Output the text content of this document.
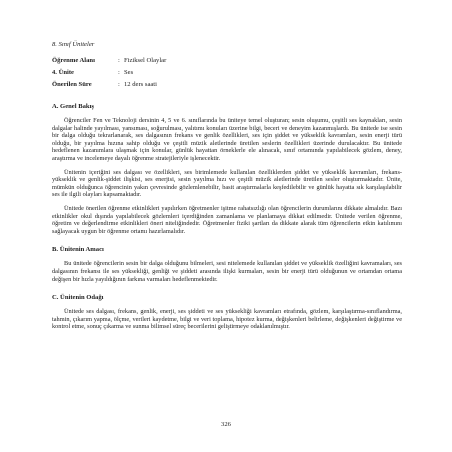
8. Sınıf Üniteler
Öğrenme Alanı	: Fiziksel Olaylar
4. Ünite	: Ses
Önerilen Süre	: 12 ders saati
A. Genel Bakış

Öğrenciler Fen ve Teknoloji dersinin 4, 5 ve 6. sınıflarında bu üniteye temel oluşturan; sesin oluşumu, çeşitli ses kaynakları, sesin dalgalar halinde yayılması, yansıması, soğurulması, yalıtımı konuları üzerine bilgi, beceri ve deneyim kazanmışlardı. Bu ünitede ise sesin bir dalga olduğu tekrarlanarak, ses dalgasının frekans ve genlik özellikleri, ses için şiddet ve yükseklik kavramları, sesin enerji türü olduğu, bir yayılma hızına sahip olduğu ve çeşitli müzik aletlerinde üretilen seslerin özellikleri üzerinde durulacaktır. Bu ünitede hedeflenen kazanımlara ulaşmak için konular, günlük hayattan örneklerle ele alınacak, sınıf ortamında yapılabilecek gözlem, deney, araştırma ve incelemeye dayalı öğrenme stratejileriyle işlenecektir.

Ünitenin içeriğini ses dalgası ve özellikleri, ses birimlemede kullanılan özelliklerden şiddet ve yükseklik kavramları, frekans-yükseklik ve genlik-şiddet ilişkisi, ses enerjisi, sesin yayılma hızı ve çeşitli müzik aletlerinde üretilen sesler oluşturmaktadır. Ünite, mümkün olduğunca öğrencinin yakın çevresinde gözlemlenebilir, basit araştırmalarla keşfedilebilir ve günlük hayatta sık karşılaşılabilir ses ile ilgili olayları kapsamaktadır.

Ünitede önerilen öğrenme etkinlikleri yapılırken öğretmenler işitme rahatsızlığı olan öğrencilerin durumlarını dikkate almalıdır. Bazı etkinlikler okul dışında yapılabilecek gözlemleri içerdiğinden zamanlama ve planlamaya dikkat edilmedir. Ünitede verilen öğrenme, öğretim ve değerlendirme etkinlikleri öneri niteliğindedir. Öğretmenler fiziki şartları da dikkate alarak tüm öğrencilerin etkin katılımını sağlayacak uygun bir öğrenme ortamı hazırlamalıdır.

B. Ünitenin Amacı

Bu ünitede öğrencilerin sesin bir dalga olduğunu bilmeleri, sesi nitelemede kullanılan şiddet ve yükseklik özelliğini kavramaları, ses dalgasının frekansı ile ses yüksekliği, genliği ve şiddeti arasında ilişki kurmaları, sesin bir enerji türü olduğunun ve ortamdan ortama değişen bir hızla yayıldığının farkına varmaları hedeflenmektedir.

C. Ünitenin Odağı

Ünitede ses dalgası, frekans, genlik, enerji, ses şiddeti ve ses yüksekliği kavramları etrafında, gözlem, karşılaştırma-sınıflandırma, tahmin, çıkarım yapma, ölçme, verileri kaydetme, bilgi ve veri toplama, hipotez kurma, değişkenleri belirleme, değişkenleri değiştirme ve kontrol etme, sonuç çıkarma ve sunma bilimsel süreç becerilerini geliştirmeye odaklanılmıştır.

326
